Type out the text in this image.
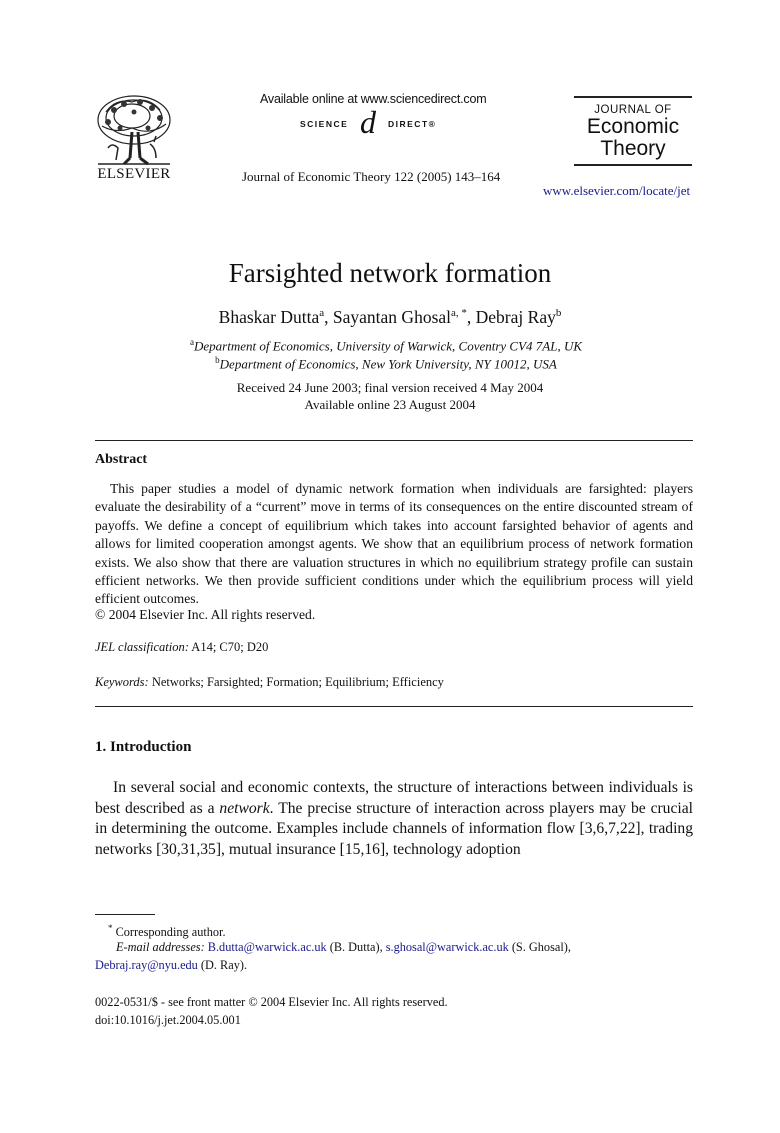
ELSEVIER
Available online at www.sciencedirect.com
SCIENCE d DIRECT®
Journal of Economic Theory 122 (2005) 143–164
JOURNAL OF
Economic
Theory
www.elsevier.com/locate/jet
Farsighted network formation
Bhaskar Dutta$^a$, Sayantan Ghosal$^{a, *}$, Debraj Ray$^b$
$^a$Department of Economics, University of Warwick, Coventry CV4 7AL, UK
$^b$Department of Economics, New York University, NY 10012, USA
Received 24 June 2003; final version received 4 May 2004
Available online 23 August 2004
Abstract
This paper studies a model of dynamic network formation when individuals are farsighted: players evaluate the desirability of a “current” move in terms of its consequences on the entire discounted stream of payoffs. We define a concept of equilibrium which takes into account farsighted behavior of agents and allows for limited cooperation amongst agents. We show that an equilibrium process of network formation exists. We also show that there are valuation structures in which no equilibrium strategy profile can sustain efficient networks. We then provide sufficient conditions under which the equilibrium process will yield efficient outcomes.
© 2004 Elsevier Inc. All rights reserved.
JEL classification: A14; C70; D20
Keywords: Networks; Farsighted; Formation; Equilibrium; Efficiency
1. Introduction
In several social and economic contexts, the structure of interactions between individuals is best described as a network. The precise structure of interaction across players may be crucial in determining the outcome. Examples include channels of information flow [3,6,7,22], trading networks [30,31,35], mutual insurance [15,16], technology adoption
* Corresponding author.
E-mail addresses: B.dutta@warwick.ac.uk (B. Dutta), s.ghosal@warwick.ac.uk (S. Ghosal),
Debraj.ray@nyu.edu (D. Ray).
0022-0531/$ - see front matter © 2004 Elsevier Inc. All rights reserved.
doi:10.1016/j.jet.2004.05.001
